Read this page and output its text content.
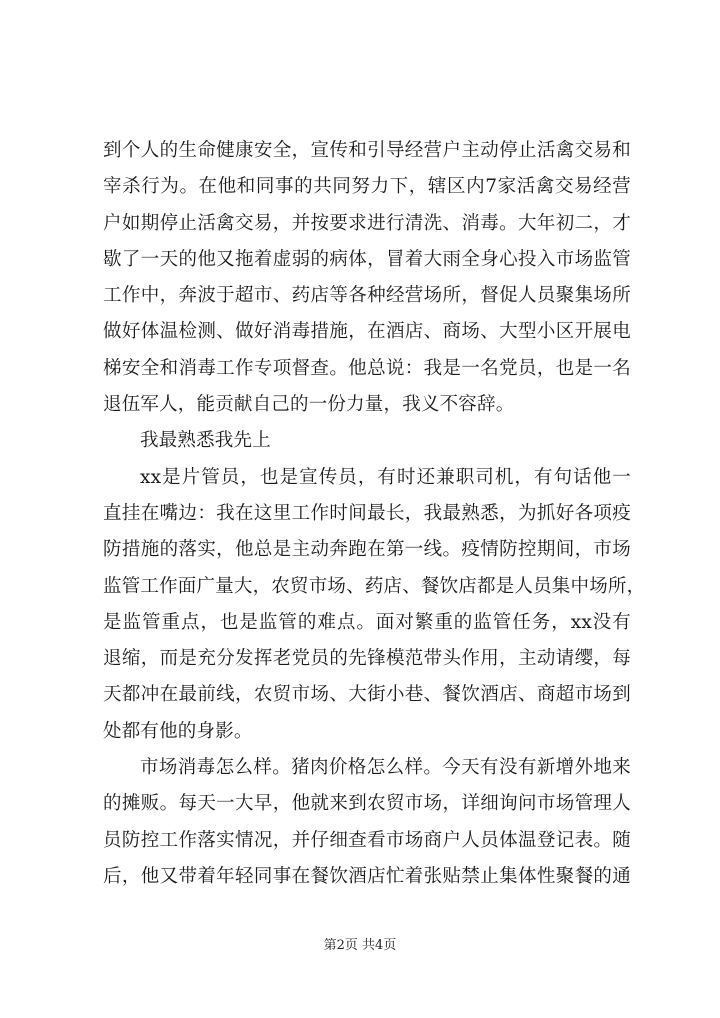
到个人的生命健康安全，宣传和引导经营户主动停止活禽交易和
宰杀行为。在他和同事的共同努力下，辖区内7家活禽交易经营
户如期停止活禽交易，并按要求进行清洗、消毒。大年初二，才
歇了一天的他又拖着虚弱的病体，冒着大雨全身心投入市场监管
工作中，奔波于超市、药店等各种经营场所，督促人员聚集场所
做好体温检测、做好消毒措施，在酒店、商场、大型小区开展电
梯安全和消毒工作专项督查。他总说：我是一名党员，也是一名
退伍军人，能贡献自己的一份力量，我义不容辞。
我最熟悉我先上
xx是片管员，也是宣传员，有时还兼职司机，有句话他一
直挂在嘴边：我在这里工作时间最长，我最熟悉，为抓好各项疫
防措施的落实，他总是主动奔跑在第一线。疫情防控期间，市场
监管工作面广量大，农贸市场、药店、餐饮店都是人员集中场所，
是监管重点，也是监管的难点。面对繁重的监管任务，xx没有
退缩，而是充分发挥老党员的先锋模范带头作用，主动请缨，每
天都冲在最前线，农贸市场、大街小巷、餐饮酒店、商超市场到
处都有他的身影。
市场消毒怎么样。猪肉价格怎么样。今天有没有新增外地来
的摊贩。每天一大早，他就来到农贸市场，详细询问市场管理人
员防控工作落实情况，并仔细查看市场商户人员体温登记表。随
后，他又带着年轻同事在餐饮酒店忙着张贴禁止集体性聚餐的通
第2页 共4页
